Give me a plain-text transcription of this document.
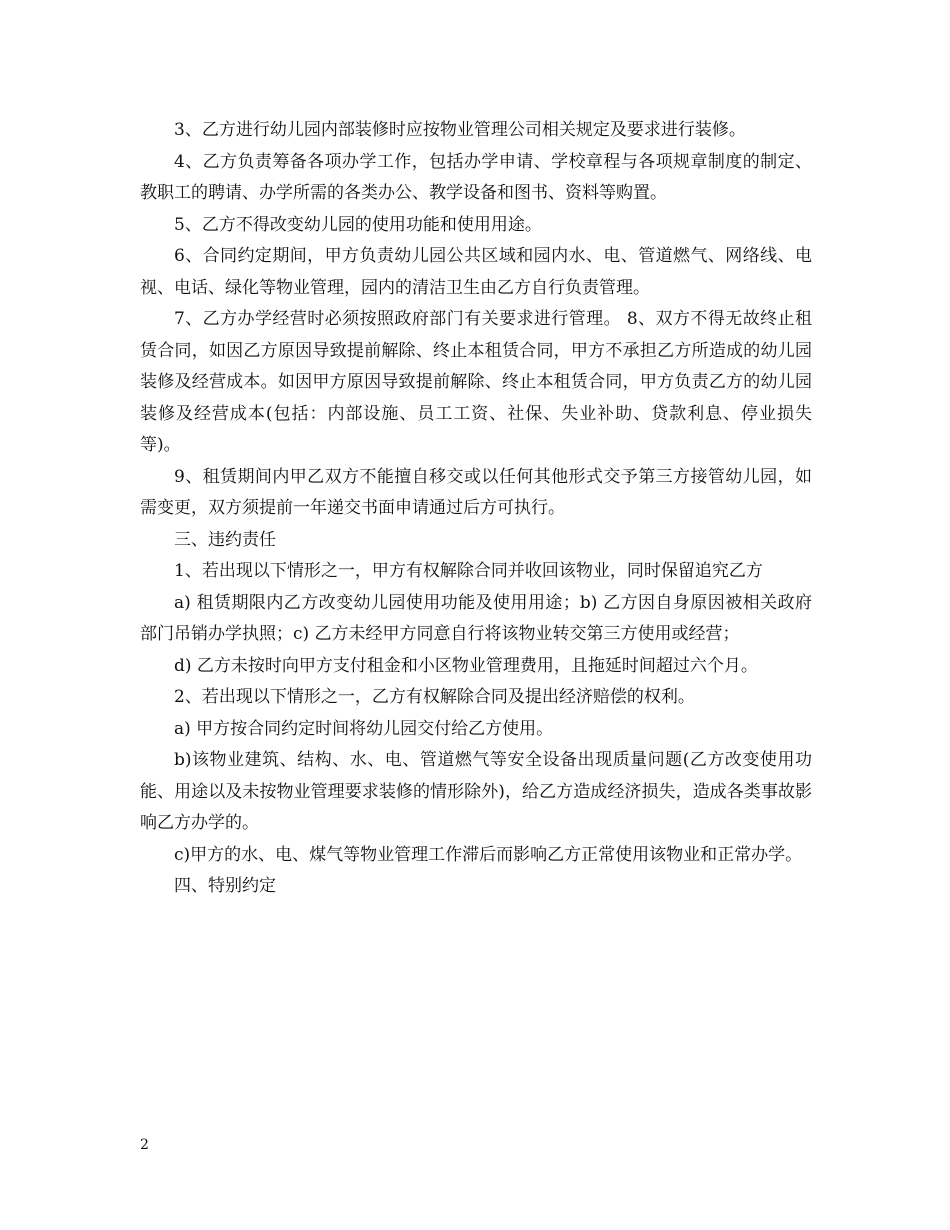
3、乙方进行幼儿园内部装修时应按物业管理公司相关规定及要求进行装修。

4、乙方负责筹备各项办学工作，包括办学申请、学校章程与各项规章制度的制定、教职工的聘请、办学所需的各类办公、教学设备和图书、资料等购置。

5、乙方不得改变幼儿园的使用功能和使用用途。

6、合同约定期间，甲方负责幼儿园公共区域和园内水、电、管道燃气、网络线、电视、电话、绿化等物业管理，园内的清洁卫生由乙方自行负责管理。

7、乙方办学经营时必须按照政府部门有关要求进行管理。 8、双方不得无故终止租赁合同，如因乙方原因导致提前解除、终止本租赁合同，甲方不承担乙方所造成的幼儿园装修及经营成本。如因甲方原因导致提前解除、终止本租赁合同，甲方负责乙方的幼儿园装修及经营成本(包括：内部设施、员工工资、社保、失业补助、贷款利息、停业损失等)。

9、租赁期间内甲乙双方不能擅自移交或以任何其他形式交予第三方接管幼儿园，如需变更，双方须提前一年递交书面申请通过后方可执行。

三、违约责任

1、若出现以下情形之一，甲方有权解除合同并收回该物业，同时保留追究乙方

a) 租赁期限内乙方改变幼儿园使用功能及使用用途；b) 乙方因自身原因被相关政府部门吊销办学执照；c) 乙方未经甲方同意自行将该物业转交第三方使用或经营；

d) 乙方未按时向甲方支付租金和小区物业管理费用，且拖延时间超过六个月。

2、若出现以下情形之一，乙方有权解除合同及提出经济赔偿的权利。

a) 甲方按合同约定时间将幼儿园交付给乙方使用。

b)该物业建筑、结构、水、电、管道燃气等安全设备出现质量问题(乙方改变使用功能、用途以及未按物业管理要求装修的情形除外)，给乙方造成经济损失，造成各类事故影响乙方办学的。

c)甲方的水、电、煤气等物业管理工作滞后而影响乙方正常使用该物业和正常办学。

四、特别约定

2
